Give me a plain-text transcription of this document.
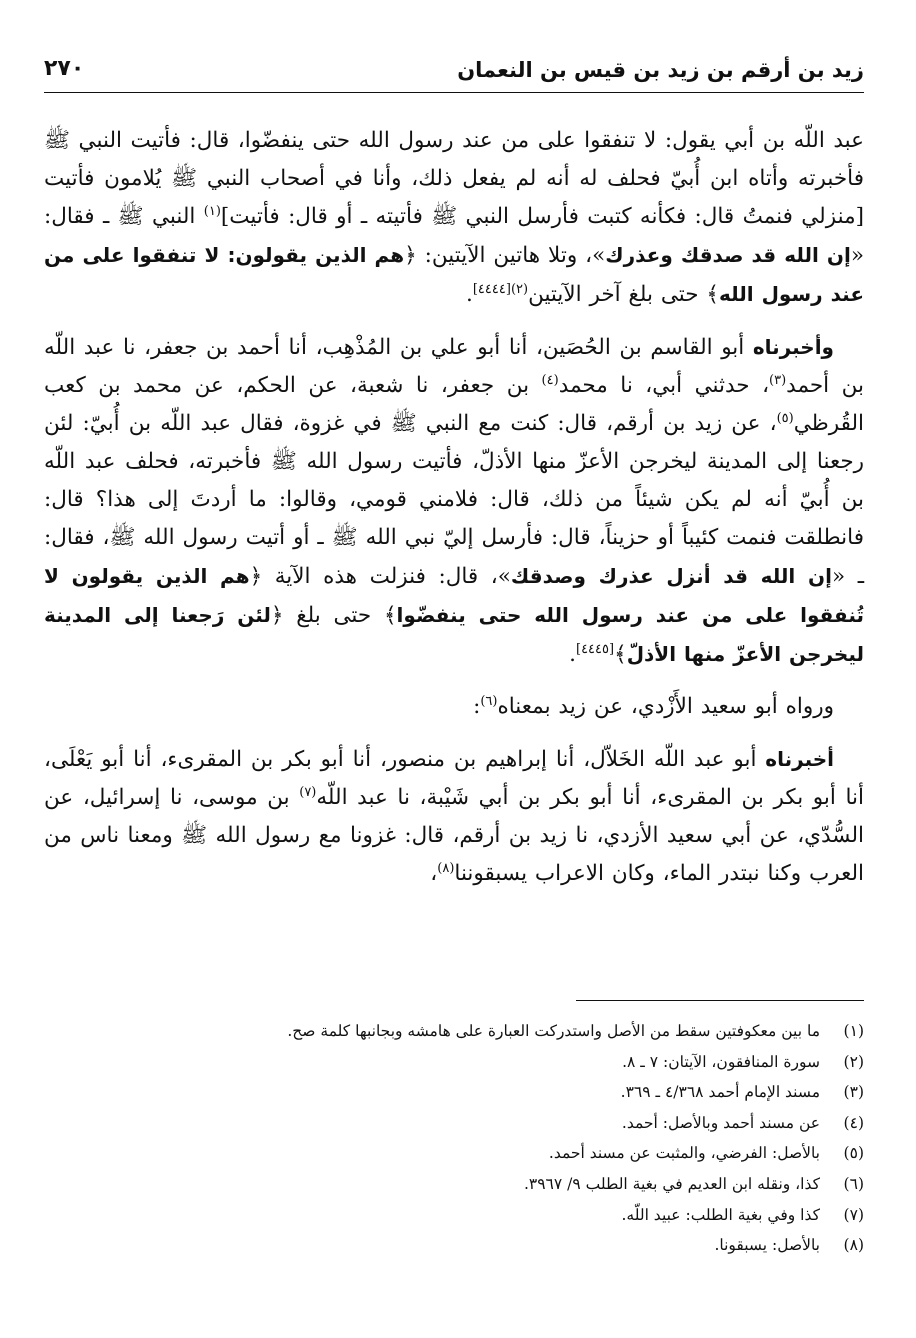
زيد بن أرقم بن زيد بن قيس بن النعمان
٢٧٠

عبد اللّه بن أبي يقول: لا تنفقوا على من عند رسول الله حتى ينفضّوا، قال: فأتيت النبي ﷺ فأخبرته وأتاه ابن أُبيّ فحلف له أنه لم يفعل ذلك، وأنا في أصحاب النبي ﷺ يُلامون فأتيت [منزلي فنمتُ قال: فكأنه كتبت فأرسل النبي ﷺ فأتيته ـ أو قال: فأتيت]$^{(١)}$ النبي ﷺ ـ فقال: «إن الله قد صدقك وعذرك»، وتلا هاتين الآيتين: ﴿هم الذين يقولون: لا تنفقوا على من عند رسول الله﴾ حتى بلغ آخر الآيتين$^{(٢)[٤٤٤٤]}$.

وأخبرناه أبو القاسم بن الحُصَين، أنا أبو علي بن المُذْهِب، أنا أحمد بن جعفر، نا عبد اللّه بن أحمد$^{(٣)}$، حدثني أبي، نا محمد$^{(٤)}$ بن جعفر، نا شعبة، عن الحكم، عن محمد بن كعب القُرظي$^{(٥)}$، عن زيد بن أرقم، قال: كنت مع النبي ﷺ في غزوة، فقال عبد اللّه بن أُبيّ: لئن رجعنا إلى المدينة ليخرجن الأعزّ منها الأذلّ، فأتيت رسول الله ﷺ فأخبرته، فحلف عبد اللّه بن أُبيّ أنه لم يكن شيئاً من ذلك، قال: فلامني قومي، وقالوا: ما أردتَ إلى هذا؟ قال: فانطلقت فنمت كئيباً أو حزيناً، قال: فأرسل إليّ نبي الله ﷺ ـ أو أتيت رسول الله ﷺ، فقال: ـ «إن الله قد أنزل عذرك وصدقك»، قال: فنزلت هذه الآية ﴿هم الذين يقولون لا تُنفقوا على من عند رسول الله حتى ينفضّوا﴾ حتى بلغ ﴿لئن رَجعنا إلى المدينة ليخرجن الأعزّ منها الأذلّ﴾[٤٤٤٥].

ورواه أبو سعيد الأَزْدي، عن زيد بمعناه$^{(٦)}$:

أخبرناه أبو عبد اللّه الخَلاّل، أنا إبراهيم بن منصور، أنا أبو بكر بن المقرىء، أنا أبو يَعْلَى، أنا أبو بكر بن المقرىء، أنا أبو بكر بن أبي شَيْبة، نا عبد اللّه$^{(٧)}$ بن موسى، نا إسرائيل، عن السُّدّي، عن أبي سعيد الأزدي، نا زيد بن أرقم، قال: غزونا مع رسول الله ﷺ ومعنا ناس من العرب وكنا نبتدر الماء، وكان الاعراب يسبقوننا$^{(٨)}$،

(١)
ما بين معكوفتين سقط من الأصل واستدركت العبارة على هامشه وبجانبها كلمة صح.
(٢)
سورة المنافقون، الآيتان: ٧ ـ ٨.
(٣)
مسند الإمام أحمد ٤/٣٦٨ ـ ٣٦٩.
(٤)
عن مسند أحمد وبالأصل: أحمد.
(٥)
بالأصل: الفرضي، والمثبت عن مسند أحمد.
(٦)
كذا، ونقله ابن العديم في بغية الطلب ٩/ ٣٩٦٧.
(٧)
كذا وفي بغية الطلب: عبيد اللّه.
(٨)
بالأصل: يسبقونا.
